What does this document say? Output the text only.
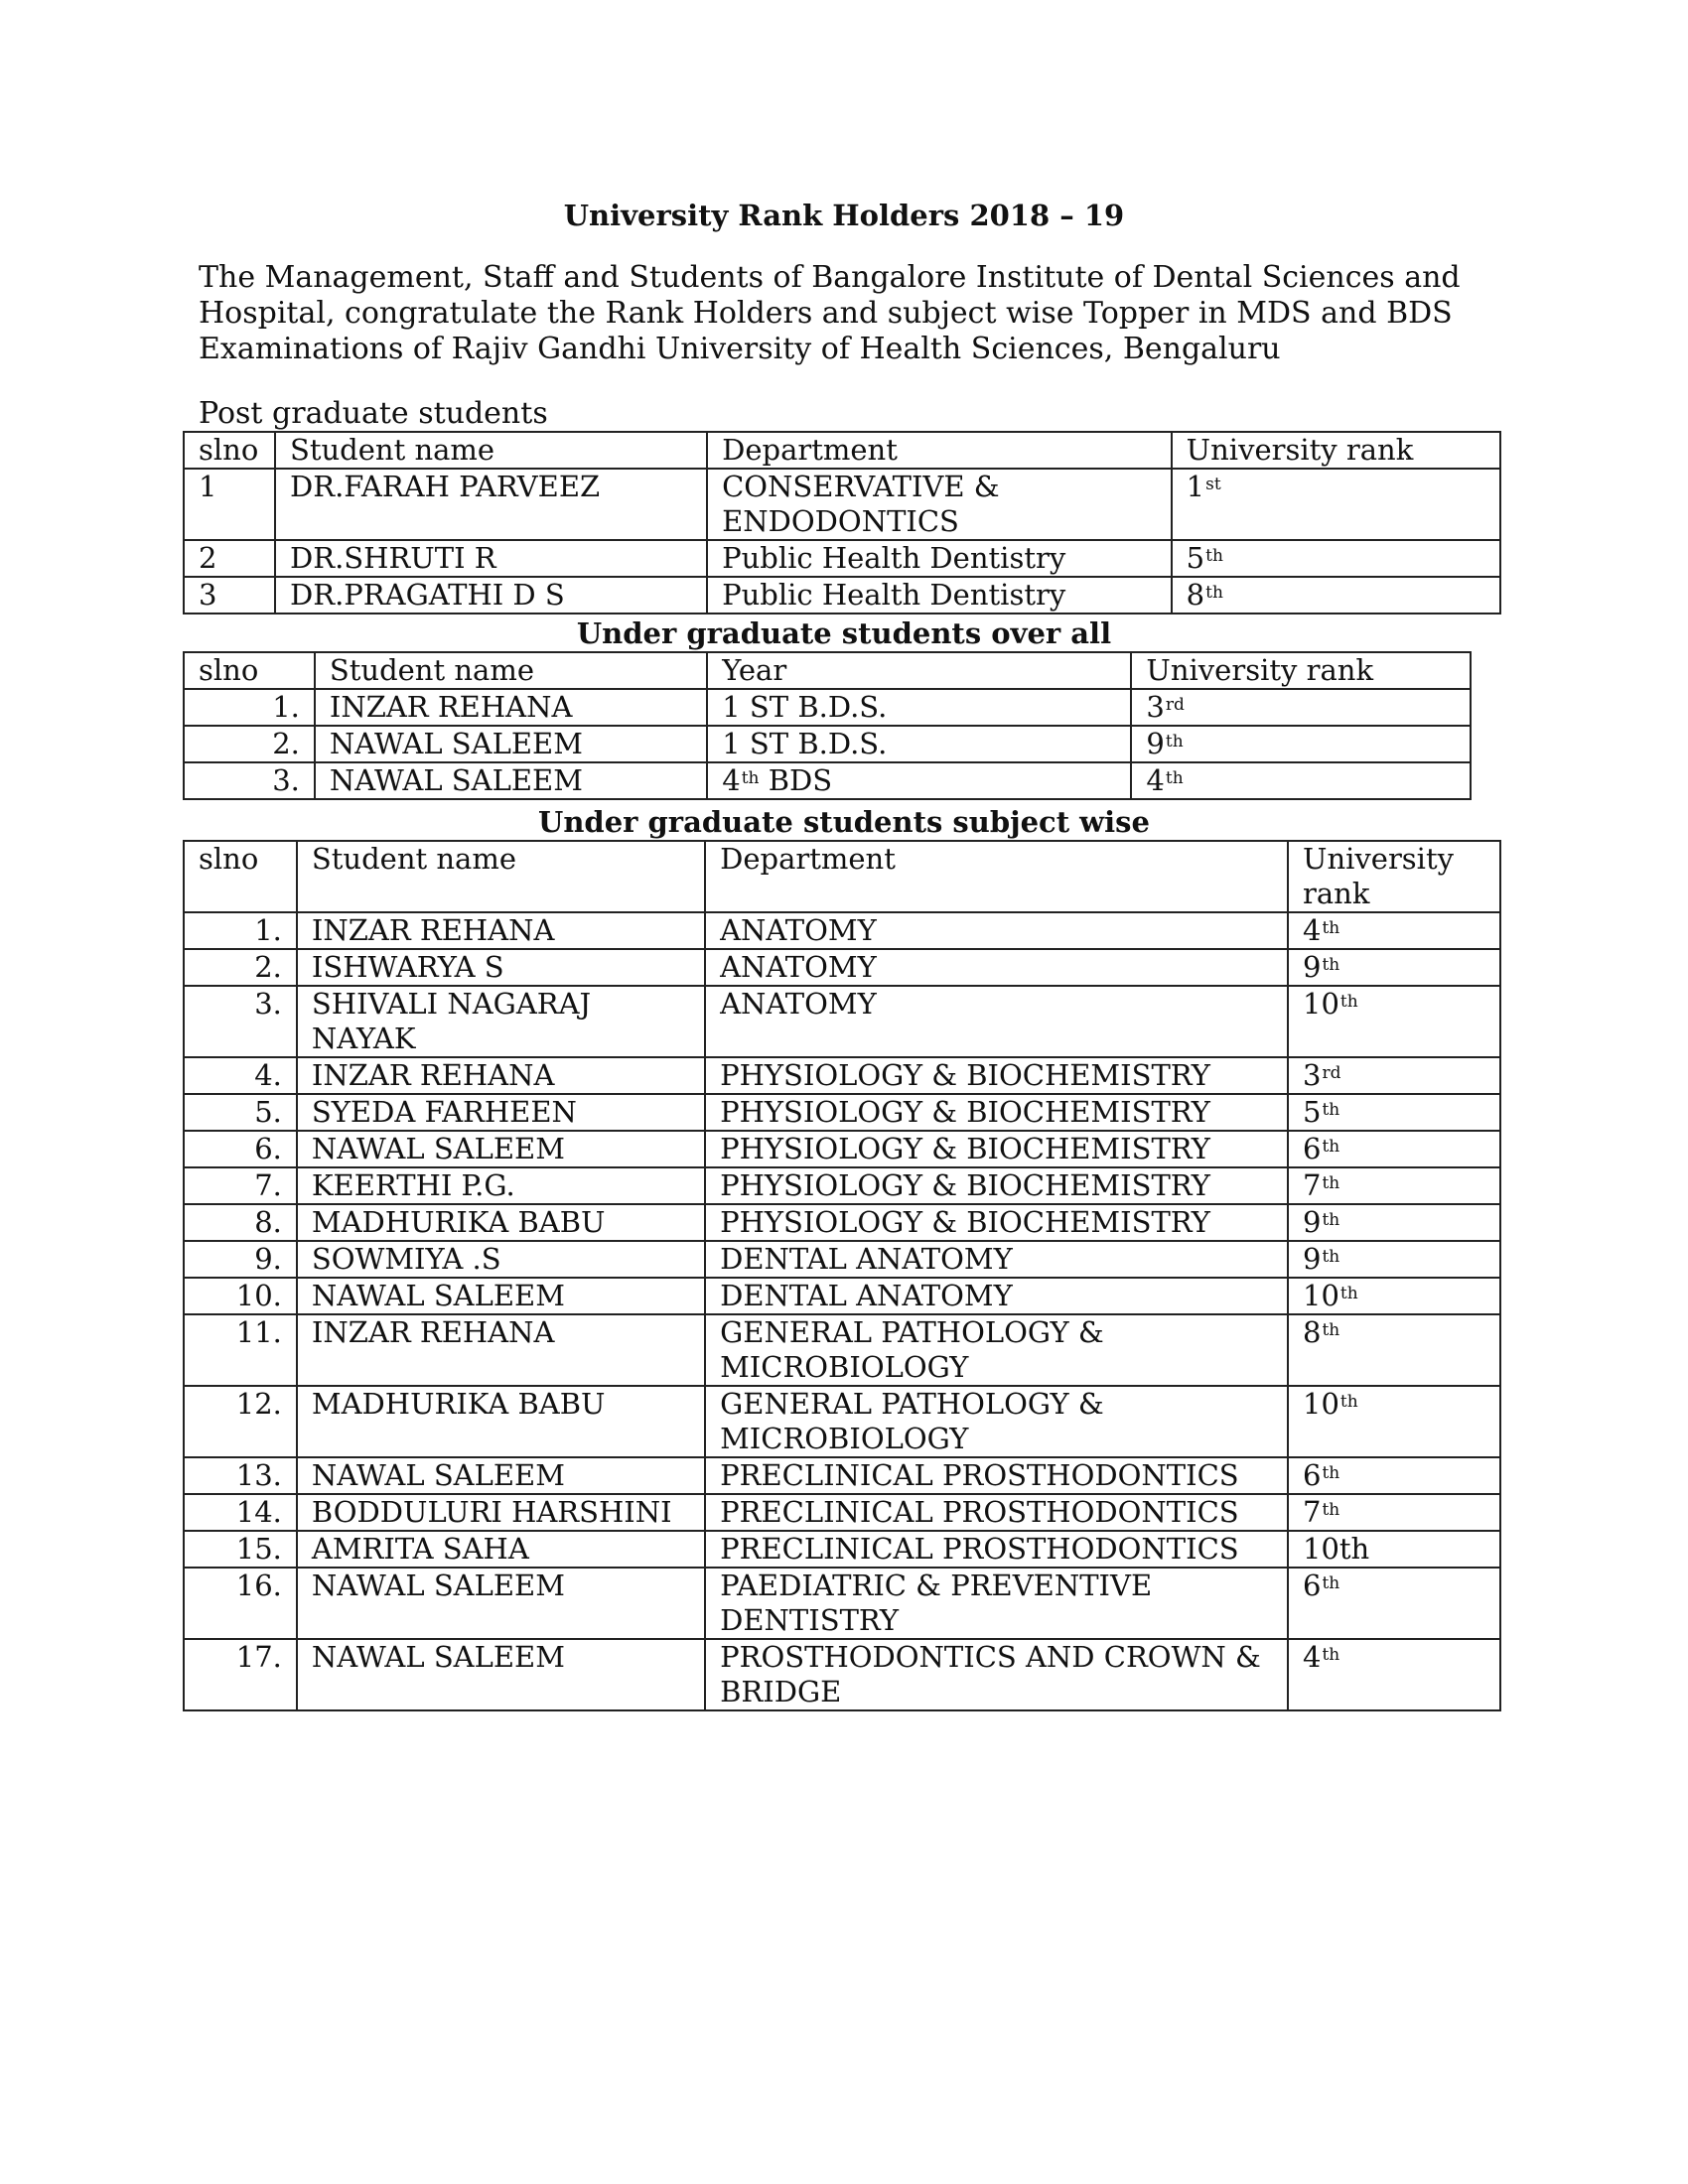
University Rank Holders 2018 – 19

The Management, Staff and Students of Bangalore Institute of Dental Sciences and Hospital, congratulate the Rank Holders and subject wise Topper in MDS and BDS Examinations of Rajiv Gandhi University of Health Sciences, Bengaluru

Post graduate students
slno	Student name	Department	University rank
1	DR.FARAH PARVEEZ	CONSERVATIVE & ENDODONTICS	1st
2	DR.SHRUTI R	Public Health Dentistry	5th
3	DR.PRAGATHI D S	Public Health Dentistry	8th
Under graduate students over all
slno	Student name	Year	University rank
1.	INZAR REHANA	1 ST B.D.S.	3rd
2.	NAWAL SALEEM	1 ST B.D.S.	9th
3.	NAWAL SALEEM	4th BDS	4th
Under graduate students subject wise
slno	Student name	Department	University rank
1.	INZAR REHANA	ANATOMY	4th
2.	ISHWARYA S	ANATOMY	9th
3.	SHIVALI NAGARAJ NAYAK	ANATOMY	10th
4.	INZAR REHANA	PHYSIOLOGY & BIOCHEMISTRY	3rd
5.	SYEDA FARHEEN	PHYSIOLOGY & BIOCHEMISTRY	5th
6.	NAWAL SALEEM	PHYSIOLOGY & BIOCHEMISTRY	6th
7.	KEERTHI P.G.	PHYSIOLOGY & BIOCHEMISTRY	7th
8.	MADHURIKA BABU	PHYSIOLOGY & BIOCHEMISTRY	9th
9.	SOWMIYA .S	DENTAL ANATOMY	9th
10.	NAWAL SALEEM	DENTAL ANATOMY	10th
11.	INZAR REHANA	GENERAL PATHOLOGY & MICROBIOLOGY	8th
12.	MADHURIKA BABU	GENERAL PATHOLOGY & MICROBIOLOGY	10th
13.	NAWAL SALEEM	PRECLINICAL PROSTHODONTICS	6th
14.	BODDULURI HARSHINI	PRECLINICAL PROSTHODONTICS	7th
15.	AMRITA SAHA	PRECLINICAL PROSTHODONTICS	10th
16.	NAWAL SALEEM	PAEDIATRIC & PREVENTIVE DENTISTRY	6th
17.	NAWAL SALEEM	PROSTHODONTICS AND CROWN & BRIDGE	4th
